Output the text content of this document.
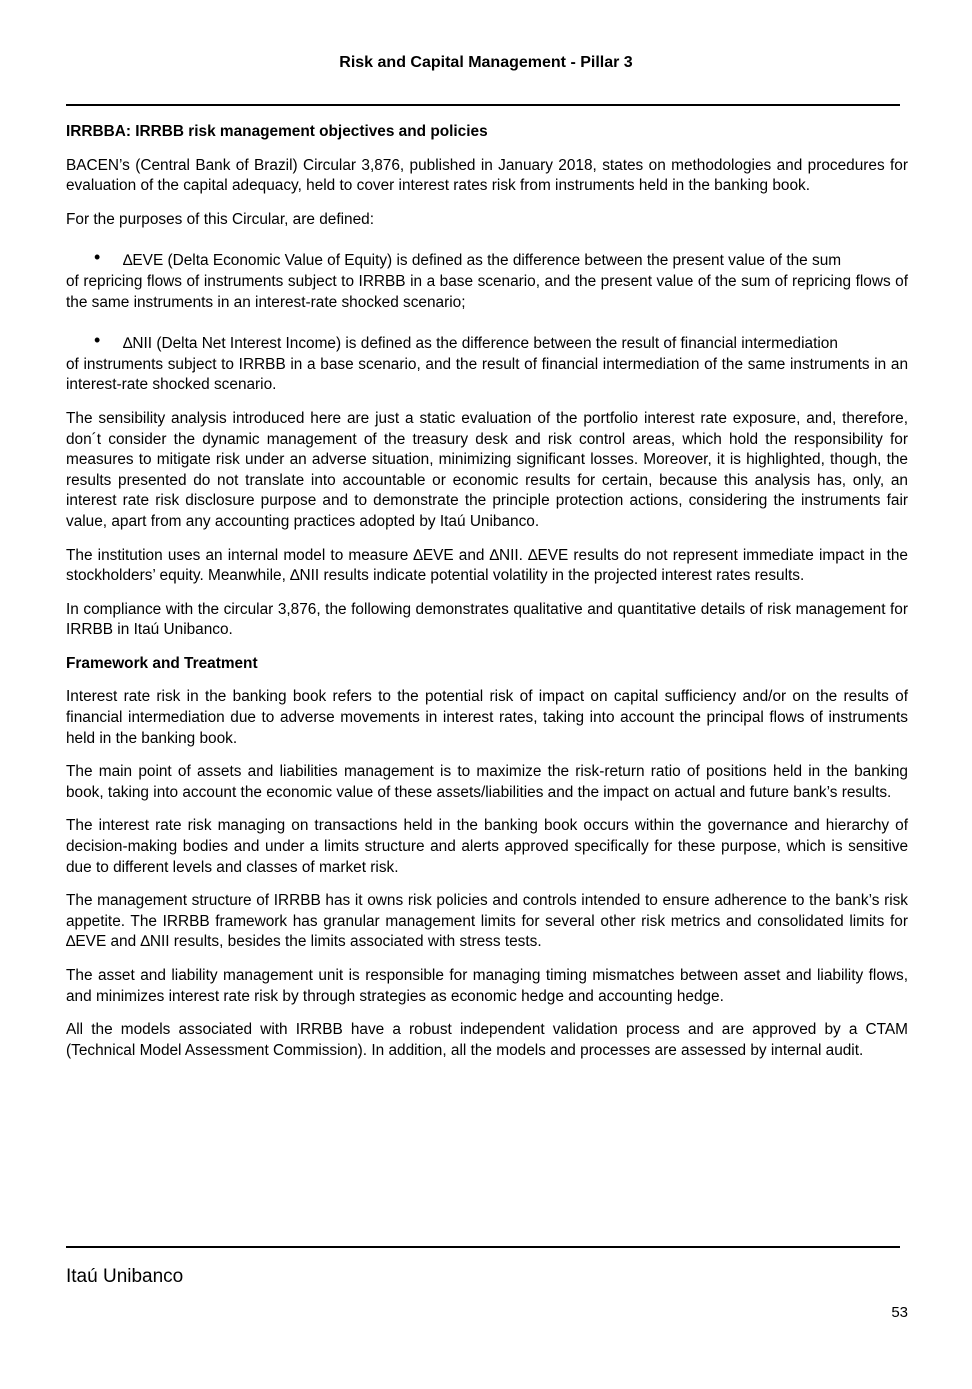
Risk and Capital Management - Pillar 3
IRRBBA: IRRBB risk management objectives and policies

BACEN’s (Central Bank of Brazil) Circular 3,876, published in January 2018, states on methodologies and procedures for evaluation of the capital adequacy, held to cover interest rates risk from instruments held in the banking book.

For the purposes of this Circular, are defined:

• ∆EVE (Delta Economic Value of Equity) is defined as the difference between the present value of the sum
of repricing flows of instruments subject to IRRBB in a base scenario, and the present value of the sum of repricing flows of the same instruments in an interest-rate shocked scenario;
• ∆NII (Delta Net Interest Income) is defined as the difference between the result of financial intermediation
of instruments subject to IRRBB in a base scenario, and the result of financial intermediation of the same instruments in an interest-rate shocked scenario.

The sensibility analysis introduced here are just a static evaluation of the portfolio interest rate exposure, and, therefore, don´t consider the dynamic management of the treasury desk and risk control areas, which hold the responsibility for measures to mitigate risk under an adverse situation, minimizing significant losses. Moreover, it is highlighted, though, the results presented do not translate into accountable or economic results for certain, because this analysis has, only, an interest rate risk disclosure purpose and to demonstrate the principle protection actions, considering the instruments fair value, apart from any accounting practices adopted by Itaú Unibanco.

The institution uses an internal model to measure ∆EVE and ∆NII. ∆EVE results do not represent immediate impact in the stockholders’ equity. Meanwhile, ∆NII results indicate potential volatility in the projected interest rates results.

In compliance with the circular 3,876, the following demonstrates qualitative and quantitative details of risk management for IRRBB in Itaú Unibanco.

Framework and Treatment

Interest rate risk in the banking book refers to the potential risk of impact on capital sufficiency and/or on the results of financial intermediation due to adverse movements in interest rates, taking into account the principal flows of instruments held in the banking book.

The main point of assets and liabilities management is to maximize the risk-return ratio of positions held in the banking book, taking into account the economic value of these assets/liabilities and the impact on actual and future bank’s results.

The interest rate risk managing on transactions held in the banking book occurs within the governance and hierarchy of decision-making bodies and under a limits structure and alerts approved specifically for these purpose, which is sensitive due to different levels and classes of market risk.

The management structure of IRRBB has it owns risk policies and controls intended to ensure adherence to the bank’s risk appetite. The IRRBB framework has granular management limits for several other risk metrics and consolidated limits for ∆EVE and ∆NII results, besides the limits associated with stress tests.

The asset and liability management unit is responsible for managing timing mismatches between asset and liability flows, and minimizes interest rate risk by through strategies as economic hedge and accounting hedge.

All the models associated with IRRBB have a robust independent validation process and are approved by a CTAM (Technical Model Assessment Commission). In addition, all the models and processes are assessed by internal audit.

Itaú Unibanco
53
